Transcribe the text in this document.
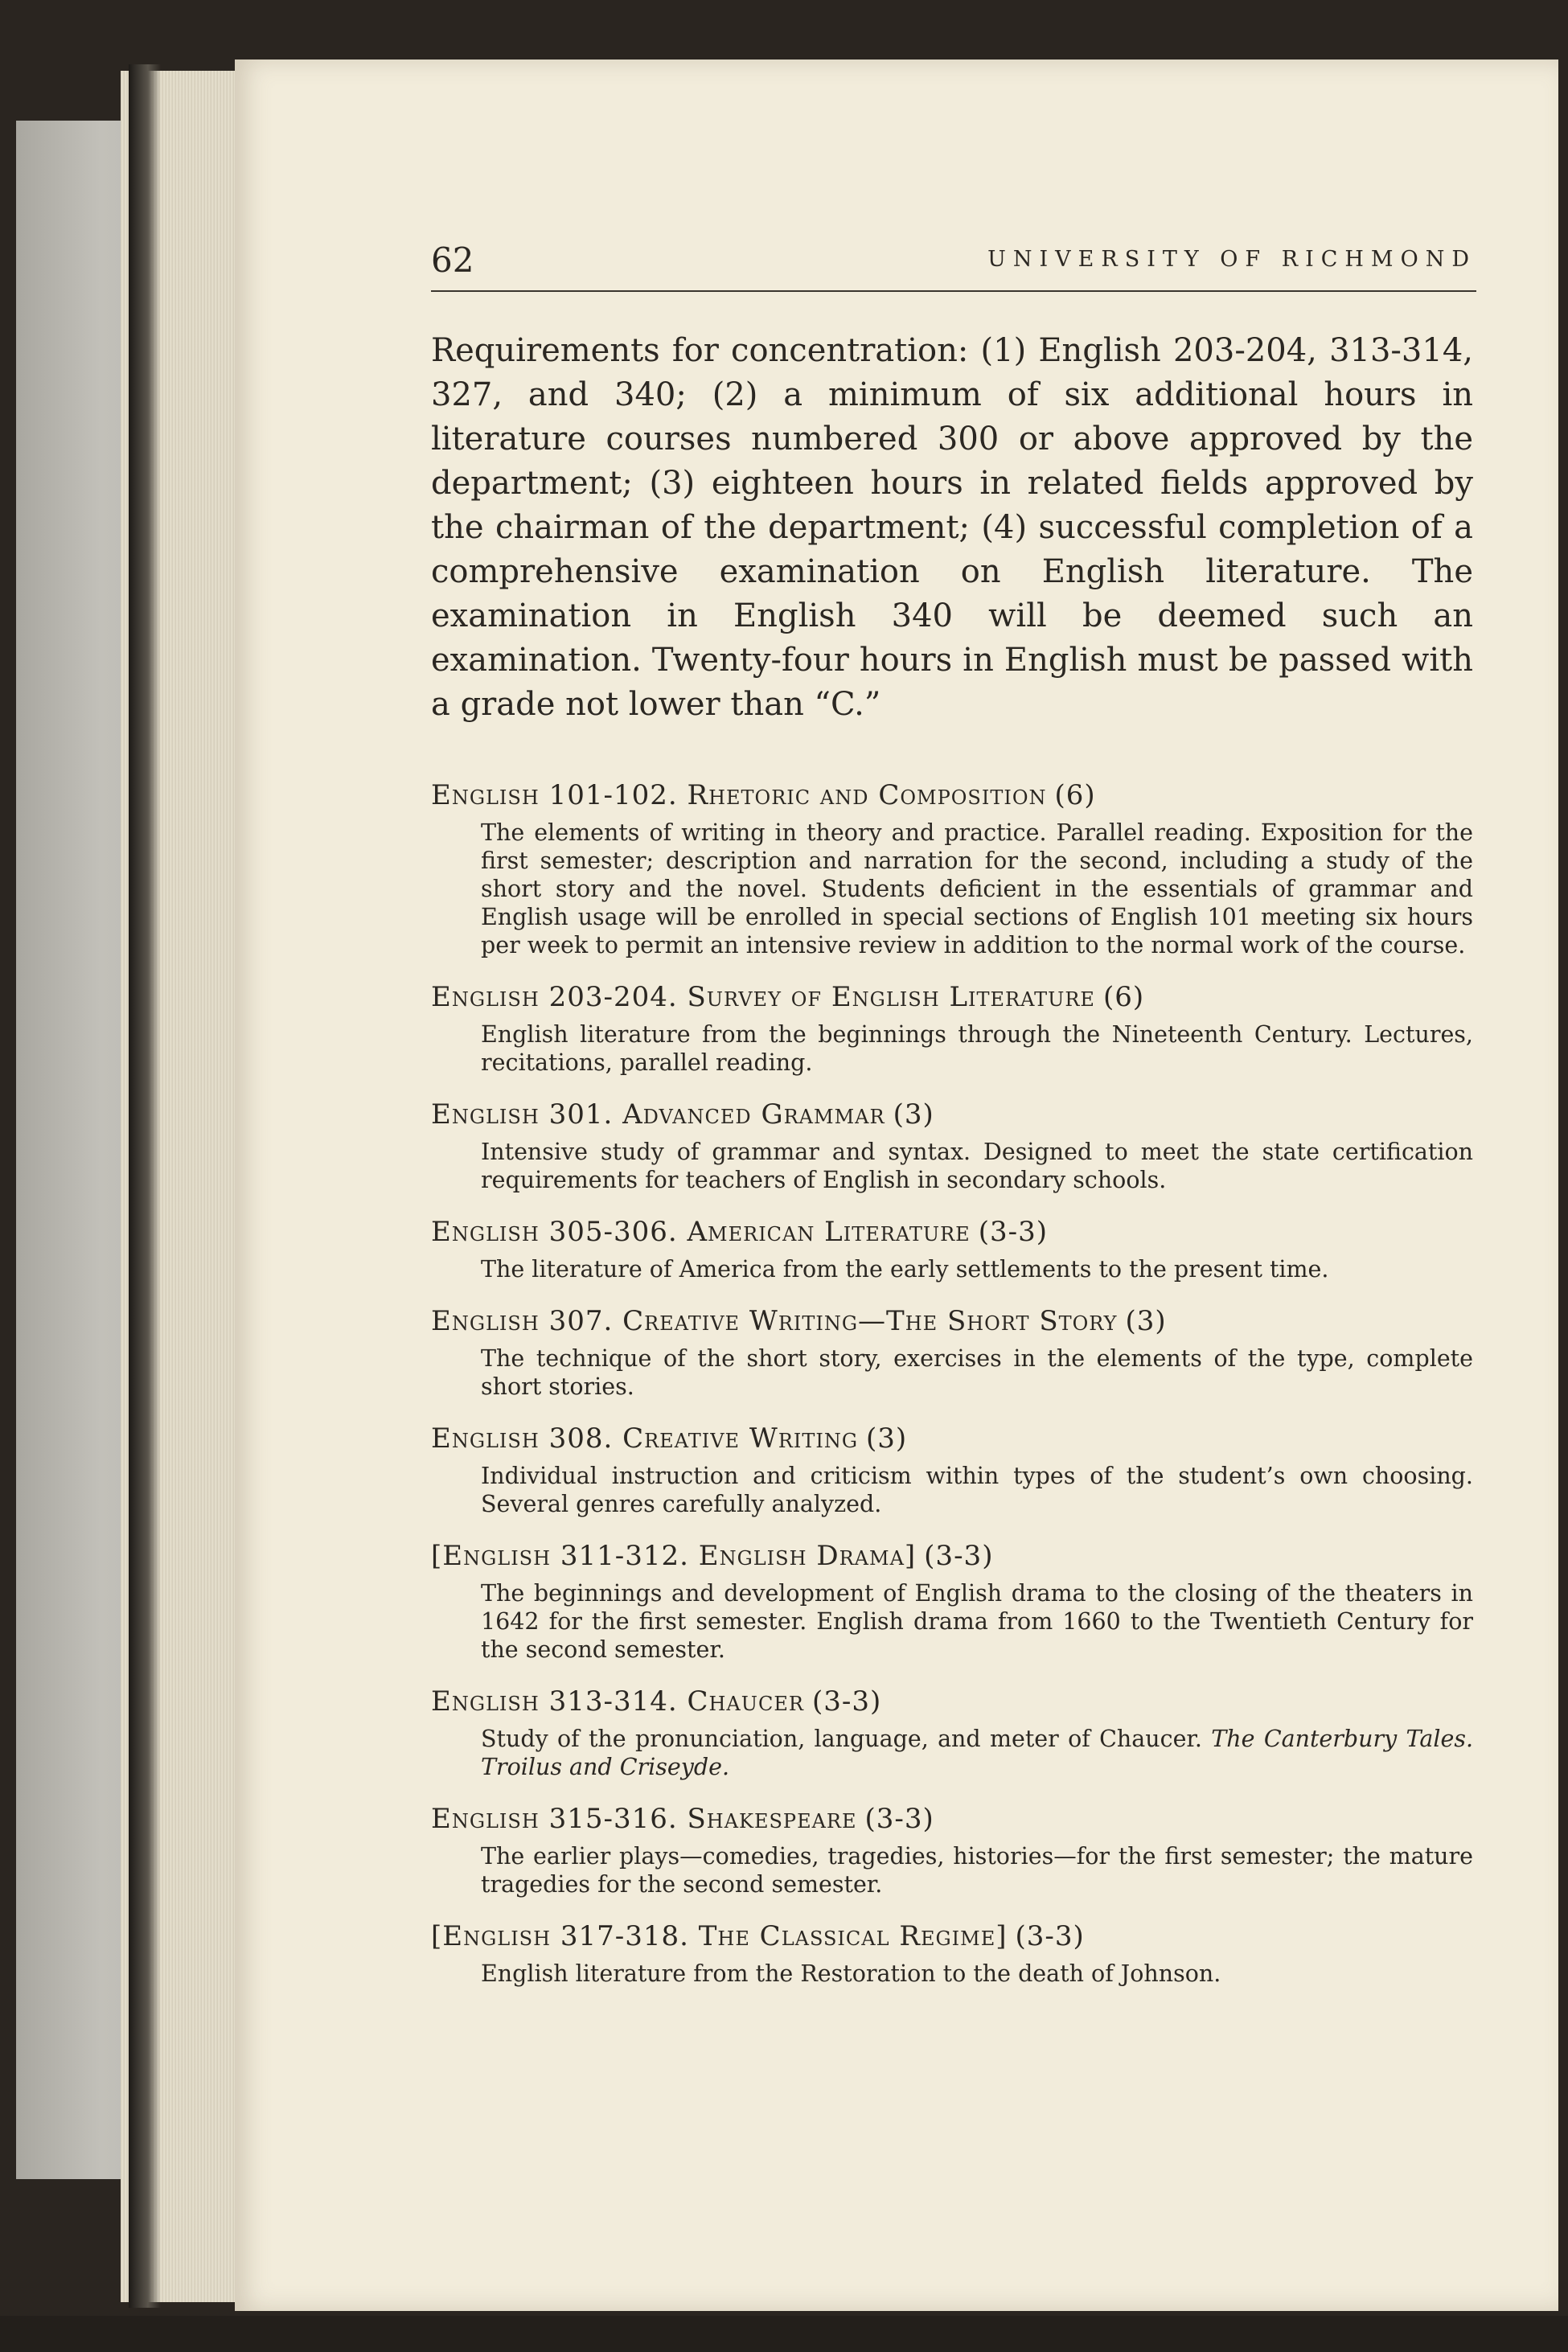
62	UNIVERSITY OF RICHMOND

Requirements for concentration: (1) English 203-204, 313-314, 327, and 340; (2) a minimum of six additional hours in literature courses numbered 300 or above approved by the department; (3) eighteen hours in related fields approved by the chairman of the department; (4) successful completion of a comprehensive examination on English literature. The examination in English 340 will be deemed such an examination. Twenty-four hours in English must be passed with a grade not lower than “C.”

English 101-102. Rhetoric and Composition (6)

The elements of writing in theory and practice. Parallel reading. Exposition for the first semester; description and narration for the second, including a study of the short story and the novel. Students deficient in the essentials of grammar and English usage will be enrolled in special sections of English 101 meeting six hours per week to permit an intensive review in addition to the normal work of the course.

English 203-204. Survey of English Literature (6)

English literature from the beginnings through the Nineteenth Century. Lectures, recitations, parallel reading.

English 301. Advanced Grammar (3)

Intensive study of grammar and syntax. Designed to meet the state certification requirements for teachers of English in secondary schools.

English 305-306. American Literature (3-3)

The literature of America from the early settlements to the present time.

English 307. Creative Writing—The Short Story (3)

The technique of the short story, exercises in the elements of the type, complete short stories.

English 308. Creative Writing (3)

Individual instruction and criticism within types of the student’s own choosing. Several genres carefully analyzed.

[English 311-312. English Drama] (3-3)

The beginnings and development of English drama to the closing of the theaters in 1642 for the first semester. English drama from 1660 to the Twentieth Century for the second semester.

English 313-314. Chaucer (3-3)

Study of the pronunciation, language, and meter of Chaucer. The Canterbury Tales. Troilus and Criseyde.

English 315-316. Shakespeare (3-3)

The earlier plays—comedies, tragedies, histories—for the first semester; the mature tragedies for the second semester.

[English 317-318. The Classical Regime] (3-3)

English literature from the Restoration to the death of Johnson.
